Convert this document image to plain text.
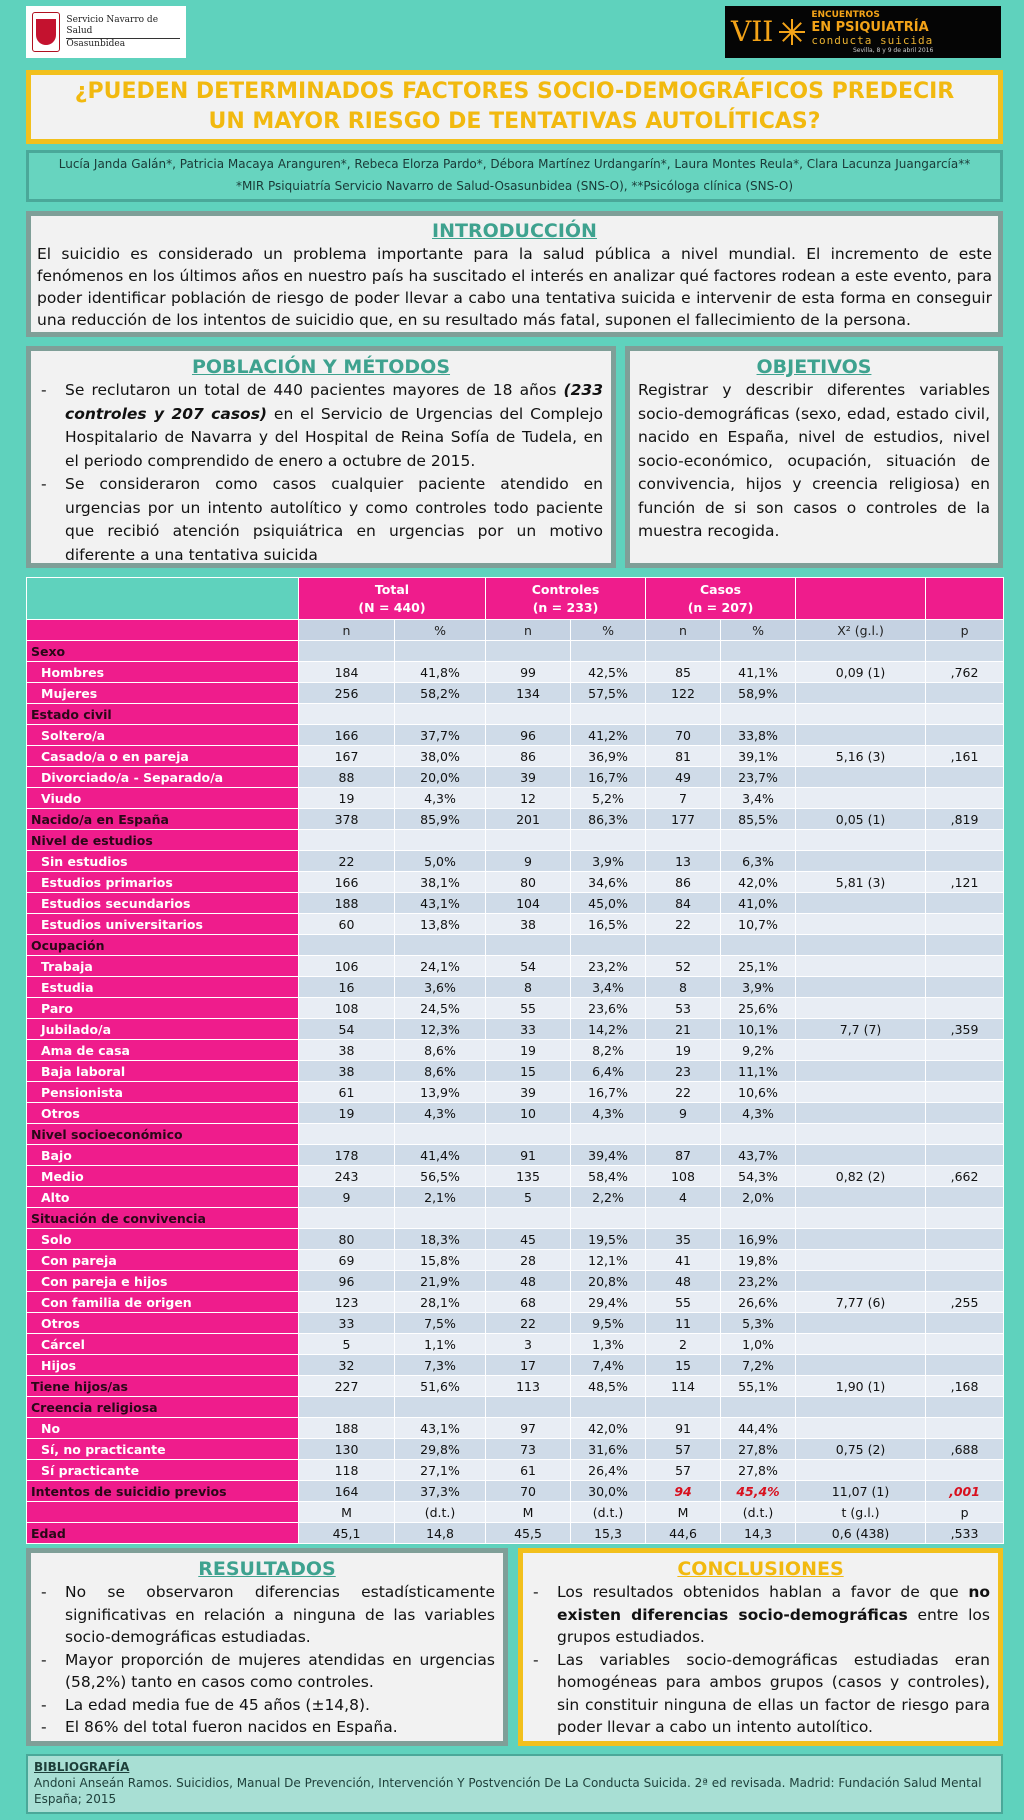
Servicio Navarro de Salud
Osasunbidea	VII	ENCUENTROS
EN PSIQUIATRÍA
conducta suicida
Sevilla, 8 y 9 de abril 2016
¿PUEDEN DETERMINADOS FACTORES SOCIO-DEMOGRÁFICOS PREDECIR UN MAYOR RIESGO DE TENTATIVAS AUTOLÍTICAS?
Lucía Janda Galán*, Patricia Macaya Aranguren*, Rebeca Elorza Pardo*, Débora Martínez Urdangarín*, Laura Montes Reula*, Clara Lacunza Juangarcía**
*MIR Psiquiatría Servicio Navarro de Salud-Osasunbidea (SNS-O), **Psicóloga clínica (SNS-O)
INTRODUCCIÓN

El suicidio es considerado un problema importante para la salud pública a nivel mundial. El incremento de este fenómenos en los últimos años en nuestro país ha suscitado el interés en analizar qué factores rodean a este evento, para poder identificar población de riesgo de poder llevar a cabo una tentativa suicida e intervenir de esta forma en conseguir una reducción de los intentos de suicidio que, en su resultado más fatal, suponen el fallecimiento de la persona.

POBLACIÓN Y MÉTODOS
- Se reclutaron un total de 440 pacientes mayores de 18 años (233 controles y 207 casos) en el Servicio de Urgencias del Complejo Hospitalario de Navarra y del Hospital de Reina Sofía de Tudela, en el periodo comprendido de enero a octubre de 2015.
- Se consideraron como casos cualquier paciente atendido en urgencias por un intento autolítico y como controles todo paciente que recibió atención psiquiátrica en urgencias por un motivo diferente a una tentativa suicida
OBJETIVOS

Registrar y describir diferentes variables socio-demográficas (sexo, edad, estado civil, nacido en España, nivel de estudios, nivel socio-económico, ocupación, situación de convivencia, hijos y creencia religiosa) en función de si son casos o controles de la muestra recogida.

	Total
(N = 440)		Controles
(n = 233)		Casos
(n = 207)			
	n	%	n	%	n	%	X² (g.l.)	p
Sexo								
Hombres	184	41,8%	99	42,5%	85	41,1%	0,09 (1)	,762
Mujeres	256	58,2%	134	57,5%	122	58,9%		
Estado civil								
Soltero/a	166	37,7%	96	41,2%	70	33,8%		
Casado/a o en pareja	167	38,0%	86	36,9%	81	39,1%	5,16 (3)	,161
Divorciado/a - Separado/a	88	20,0%	39	16,7%	49	23,7%		
Viudo	19	4,3%	12	5,2%	7	3,4%		
Nacido/a en España	378	85,9%	201	86,3%	177	85,5%	0,05 (1)	,819
Nivel de estudios								
Sin estudios	22	5,0%	9	3,9%	13	6,3%		
Estudios primarios	166	38,1%	80	34,6%	86	42,0%	5,81 (3)	,121
Estudios secundarios	188	43,1%	104	45,0%	84	41,0%		
Estudios universitarios	60	13,8%	38	16,5%	22	10,7%		
Ocupación								
Trabaja	106	24,1%	54	23,2%	52	25,1%		
Estudia	16	3,6%	8	3,4%	8	3,9%		
Paro	108	24,5%	55	23,6%	53	25,6%		
Jubilado/a	54	12,3%	33	14,2%	21	10,1%	7,7 (7)	,359
Ama de casa	38	8,6%	19	8,2%	19	9,2%		
Baja laboral	38	8,6%	15	6,4%	23	11,1%		
Pensionista	61	13,9%	39	16,7%	22	10,6%		
Otros	19	4,3%	10	4,3%	9	4,3%		
Nivel socioeconómico								
Bajo	178	41,4%	91	39,4%	87	43,7%		
Medio	243	56,5%	135	58,4%	108	54,3%	0,82 (2)	,662
Alto	9	2,1%	5	2,2%	4	2,0%		
Situación de convivencia								
Solo	80	18,3%	45	19,5%	35	16,9%		
Con pareja	69	15,8%	28	12,1%	41	19,8%		
Con pareja e hijos	96	21,9%	48	20,8%	48	23,2%		
Con familia de origen	123	28,1%	68	29,4%	55	26,6%	7,77 (6)	,255
Otros	33	7,5%	22	9,5%	11	5,3%		
Cárcel	5	1,1%	3	1,3%	2	1,0%		
Hijos	32	7,3%	17	7,4%	15	7,2%		
Tiene hijos/as	227	51,6%	113	48,5%	114	55,1%	1,90 (1)	,168
Creencia religiosa								
No	188	43,1%	97	42,0%	91	44,4%		
Sí, no practicante	130	29,8%	73	31,6%	57	27,8%	0,75 (2)	,688
Sí practicante	118	27,1%	61	26,4%	57	27,8%		
Intentos de suicidio previos	164	37,3%	70	30,0%	94	45,4%	11,07 (1)	,001
	M	(d.t.)	M	(d.t.)	M	(d.t.)	t (g.l.)	p
Edad	45,1	14,8	45,5	15,3	44,6	14,3	0,6 (438)	,533
RESULTADOS
- No se observaron diferencias estadísticamente significativas en relación a ninguna de las variables socio-demográficas estudiadas.
- Mayor proporción de mujeres atendidas en urgencias (58,2%) tanto en casos como controles.
- La edad media fue de 45 años (±14,8).
- El 86% del total fueron nacidos en España.
CONCLUSIONES
- Los resultados obtenidos hablan a favor de que no existen diferencias socio-demográficas entre los grupos estudiados.
- Las variables socio-demográficas estudiadas eran homogéneas para ambos grupos (casos y controles), sin constituir ninguna de ellas un factor de riesgo para poder llevar a cabo un intento autolítico.
BIBLIOGRAFÍA
Andoni Anseán Ramos. Suicidios, Manual De Prevención, Intervención Y Postvención De La Conducta Suicida. 2ª ed revisada. Madrid: Fundación Salud Mental España; 2015
